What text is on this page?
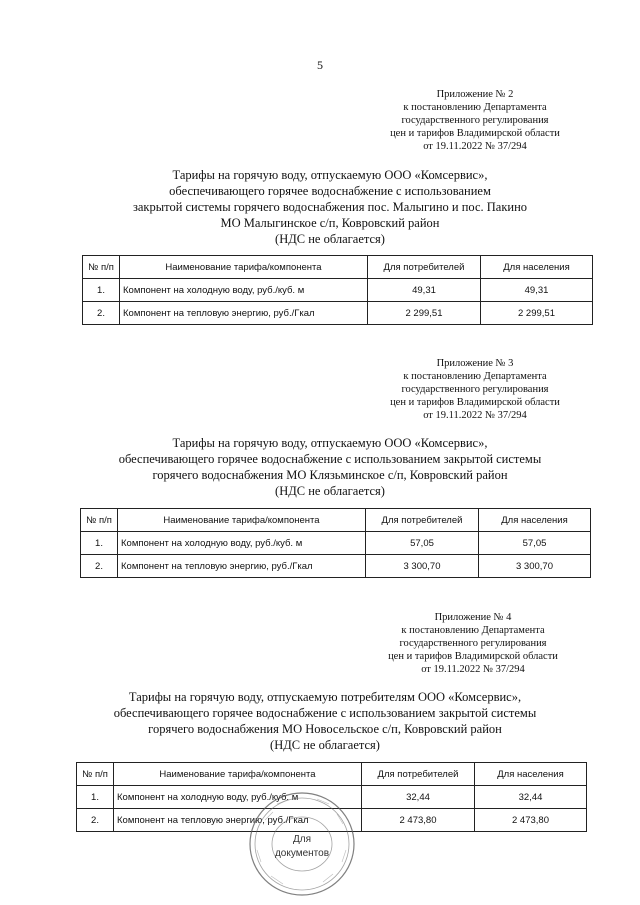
5
Приложение № 2
к постановлению Департамента
государственного регулирования
цен и тарифов Владимирской области
от 19.11.2022 № 37/294
Тарифы на горячую воду, отпускаемую ООО «Комсервис»,
обеспечивающего горячее водоснабжение с использованием
закрытой системы горячего водоснабжения пос. Малыгино и пос. Пакино
МО Малыгинское с/п, Ковровский район
(НДС не облагается)
№ п/п	Наименование тарифа/компонента	Для потребителей	Для населения
1.	Компонент на холодную воду, руб./куб. м	49,31	49,31
2.	Компонент на тепловую энергию, руб./Гкал	2 299,51	2 299,51
Приложение № 3
к постановлению Департамента
государственного регулирования
цен и тарифов Владимирской области
от 19.11.2022 № 37/294
Тарифы на горячую воду, отпускаемую ООО «Комсервис»,
обеспечивающего горячее водоснабжение с использованием закрытой системы
горячего водоснабжения МО Клязьминское с/п, Ковровский район
(НДС не облагается)
№ п/п	Наименование тарифа/компонента	Для потребителей	Для населения
1.	Компонент на холодную воду, руб./куб. м	57,05	57,05
2.	Компонент на тепловую энергию, руб./Гкал	3 300,70	3 300,70
Приложение № 4
к постановлению Департамента
государственного регулирования
цен и тарифов Владимирской области
от 19.11.2022 № 37/294
Тарифы на горячую воду, отпускаемую потребителям ООО «Комсервис»,
обеспечивающего горячее водоснабжение с использованием закрытой системы
горячего водоснабжения МО Новосельское с/п, Ковровский район
(НДС не облагается)
№ п/п	Наименование тарифа/компонента	Для потребителей	Для населения
1.	Компонент на холодную воду, руб./куб. м	32,44	32,44
2.	Компонент на тепловую энергию, руб./Гкал	2 473,80	2 473,80
Для
документов
